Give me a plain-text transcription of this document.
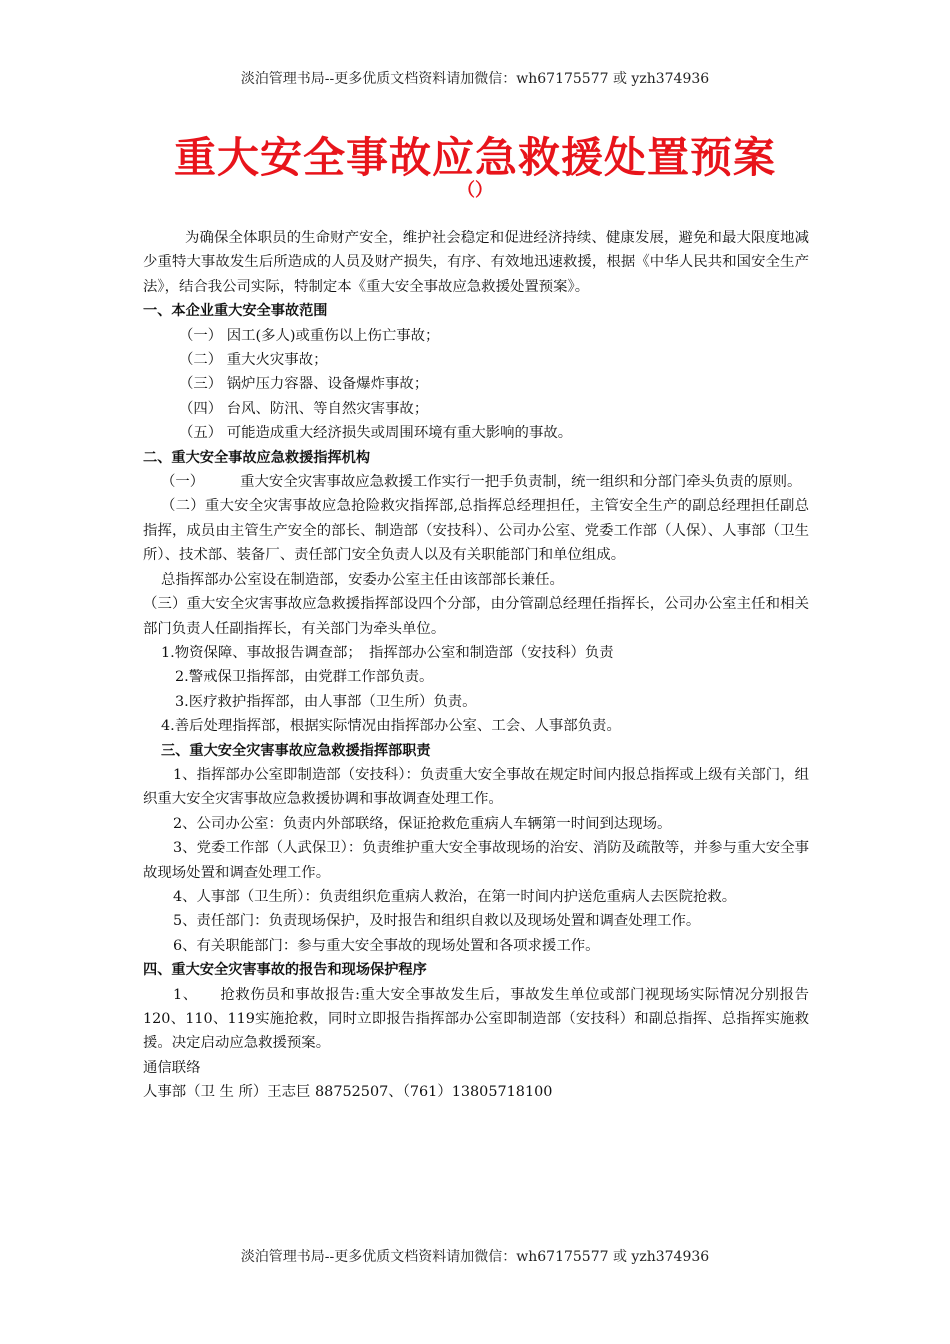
淡泊管理书局--更多优质文档资料请加微信：wh67175577 或 yzh374936
重大安全事故应急救援处置预案
（）

为确保全体职员的生命财产安全，维护社会稳定和促进经济持续、健康发展，避免和最大限度地减少重特大事故发生后所造成的人员及财产损失，有序、有效地迅速救援，根据《中华人民共和国安全生产法》，结合我公司实际，特制定本《重大安全事故应急救援处置预案》。

一、本企业重大安全事故范围

（一） 因工(多人)或重伤以上伤亡事故；

（二） 重大火灾事故；

（三） 锅炉压力容器、设备爆炸事故；

（四） 台风、防汛、等自然灾害事故；

（五） 可能造成重大经济损失或周围环境有重大影响的事故。

二、重大安全事故应急救援指挥机构

（一）　　　重大安全灾害事故应急救援工作实行一把手负责制，统一组织和分部门牵头负责的原则。

（二）重大安全灾害事故应急抢险救灾指挥部,总指挥总经理担任，主管安全生产的副总经理担任副总指挥，成员由主管生产安全的部长、制造部（安技科）、公司办公室、党委工作部（人保）、人事部（卫生所）、技术部、装备厂、责任部门安全负责人以及有关职能部门和单位组成。

总指挥部办公室设在制造部，安委办公室主任由该部部长兼任。

（三）重大安全灾害事故应急救援指挥部设四个分部，由分管副总经理任指挥长，公司办公室主任和相关部门负责人任副指挥长，有关部门为牵头单位。

1.物资保障、事故报告调查部；　指挥部办公室和制造部（安技科）负责

2.警戒保卫指挥部，由党群工作部负责。

3.医疗救护指挥部，由人事部（卫生所）负责。

4.善后处理指挥部，根据实际情况由指挥部办公室、工会、人事部负责。

三、重大安全灾害事故应急救援指挥部职责

1、指挥部办公室即制造部（安技科）：负责重大安全事故在规定时间内报总指挥或上级有关部门，组织重大安全灾害事故应急救援协调和事故调查处理工作。

2、公司办公室：负责内外部联络，保证抢救危重病人车辆第一时间到达现场。

3、党委工作部（人武保卫）：负责维护重大安全事故现场的治安、消防及疏散等，并参与重大安全事故现场处置和调查处理工作。

4、人事部（卫生所）：负责组织危重病人救治，在第一时间内护送危重病人去医院抢救。

5、责任部门：负责现场保护，及时报告和组织自救以及现场处置和调查处理工作。

6、有关职能部门：参与重大安全事故的现场处置和各项求援工作。

四、重大安全灾害事故的报告和现场保护程序

1、　　抢救伤员和事故报告:重大安全事故发生后，事故发生单位或部门视现场实际情况分别报告120、110、119实施抢救，同时立即报告指挥部办公室即制造部（安技科）和副总指挥、总指挥实施救援。决定启动应急救援预案。

通信联络

人事部（卫 生 所）王志巨 88752507、（761）13805718100

淡泊管理书局--更多优质文档资料请加微信：wh67175577 或 yzh374936
